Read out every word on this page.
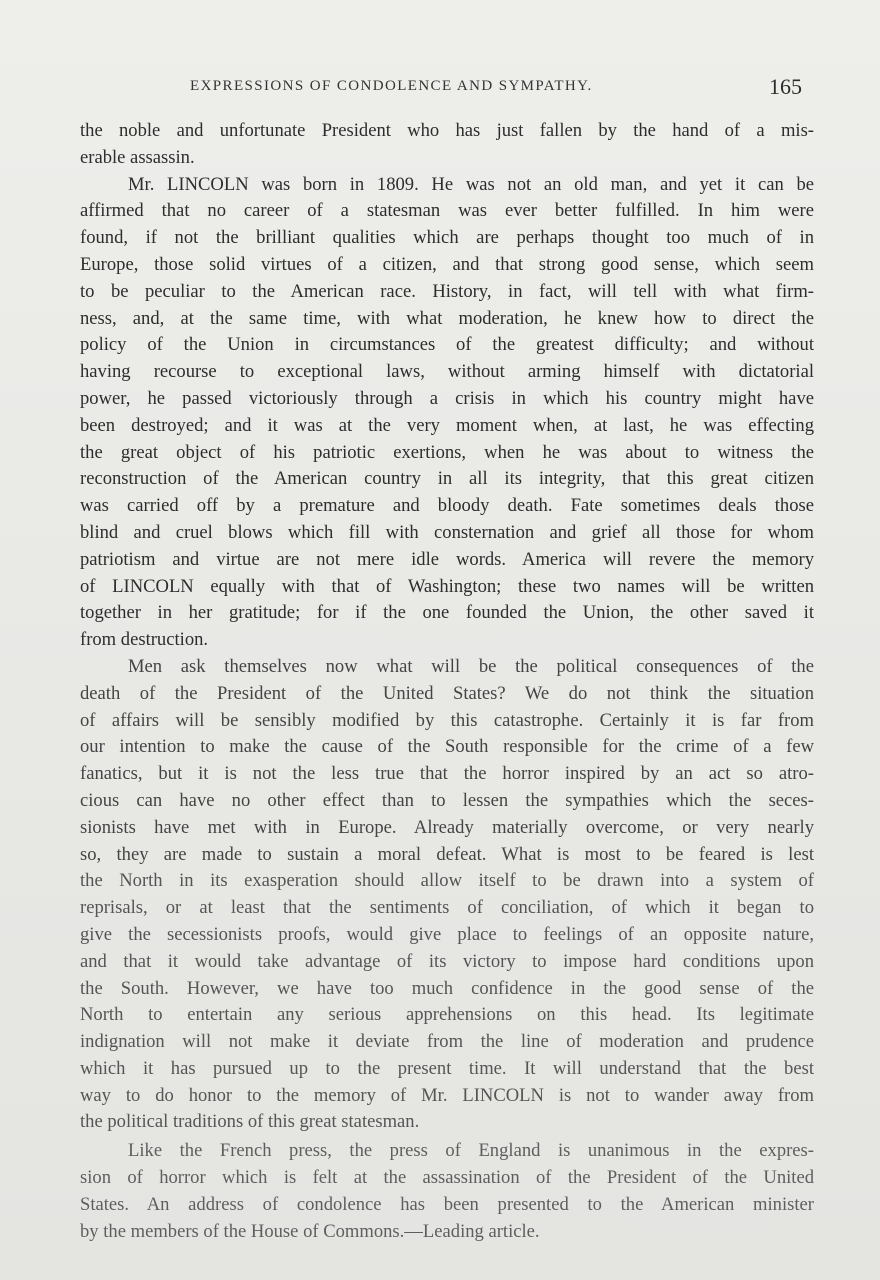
EXPRESSIONS OF CONDOLENCE AND SYMPATHY.	165
the noble and unfortunate President who has just fallen by the hand of a mis-
erable assassin.
Mr. LINCOLN was born in 1809. He was not an old man, and yet it can be
affirmed that no career of a statesman was ever better fulfilled. In him were
found, if not the brilliant qualities which are perhaps thought too much of in
Europe, those solid virtues of a citizen, and that strong good sense, which seem
to be peculiar to the American race. History, in fact, will tell with what firm-
ness, and, at the same time, with what moderation, he knew how to direct the
policy of the Union in circumstances of the greatest difficulty; and without
having recourse to exceptional laws, without arming himself with dictatorial
power, he passed victoriously through a crisis in which his country might have
been destroyed; and it was at the very moment when, at last, he was effecting
the great object of his patriotic exertions, when he was about to witness the
reconstruction of the American country in all its integrity, that this great citizen
was carried off by a premature and bloody death. Fate sometimes deals those
blind and cruel blows which fill with consternation and grief all those for whom
patriotism and virtue are not mere idle words. America will revere the memory
of LINCOLN equally with that of Washington; these two names will be written
together in her gratitude; for if the one founded the Union, the other saved it
from destruction.
Men ask themselves now what will be the political consequences of the
death of the President of the United States? We do not think the situation
of affairs will be sensibly modified by this catastrophe. Certainly it is far from
our intention to make the cause of the South responsible for the crime of a few
fanatics, but it is not the less true that the horror inspired by an act so atro-
cious can have no other effect than to lessen the sympathies which the seces-
sionists have met with in Europe. Already materially overcome, or very nearly
so, they are made to sustain a moral defeat. What is most to be feared is lest
the North in its exasperation should allow itself to be drawn into a system of
reprisals, or at least that the sentiments of conciliation, of which it began to
give the secessionists proofs, would give place to feelings of an opposite nature,
and that it would take advantage of its victory to impose hard conditions upon
the South. However, we have too much confidence in the good sense of the
North to entertain any serious apprehensions on this head. Its legitimate
indignation will not make it deviate from the line of moderation and prudence
which it has pursued up to the present time. It will understand that the best
way to do honor to the memory of Mr. LINCOLN is not to wander away from
the political traditions of this great statesman.
Like the French press, the press of England is unanimous in the expres-
sion of horror which is felt at the assassination of the President of the United
States. An address of condolence has been presented to the American minister
by the members of the House of Commons.—Leading article.
